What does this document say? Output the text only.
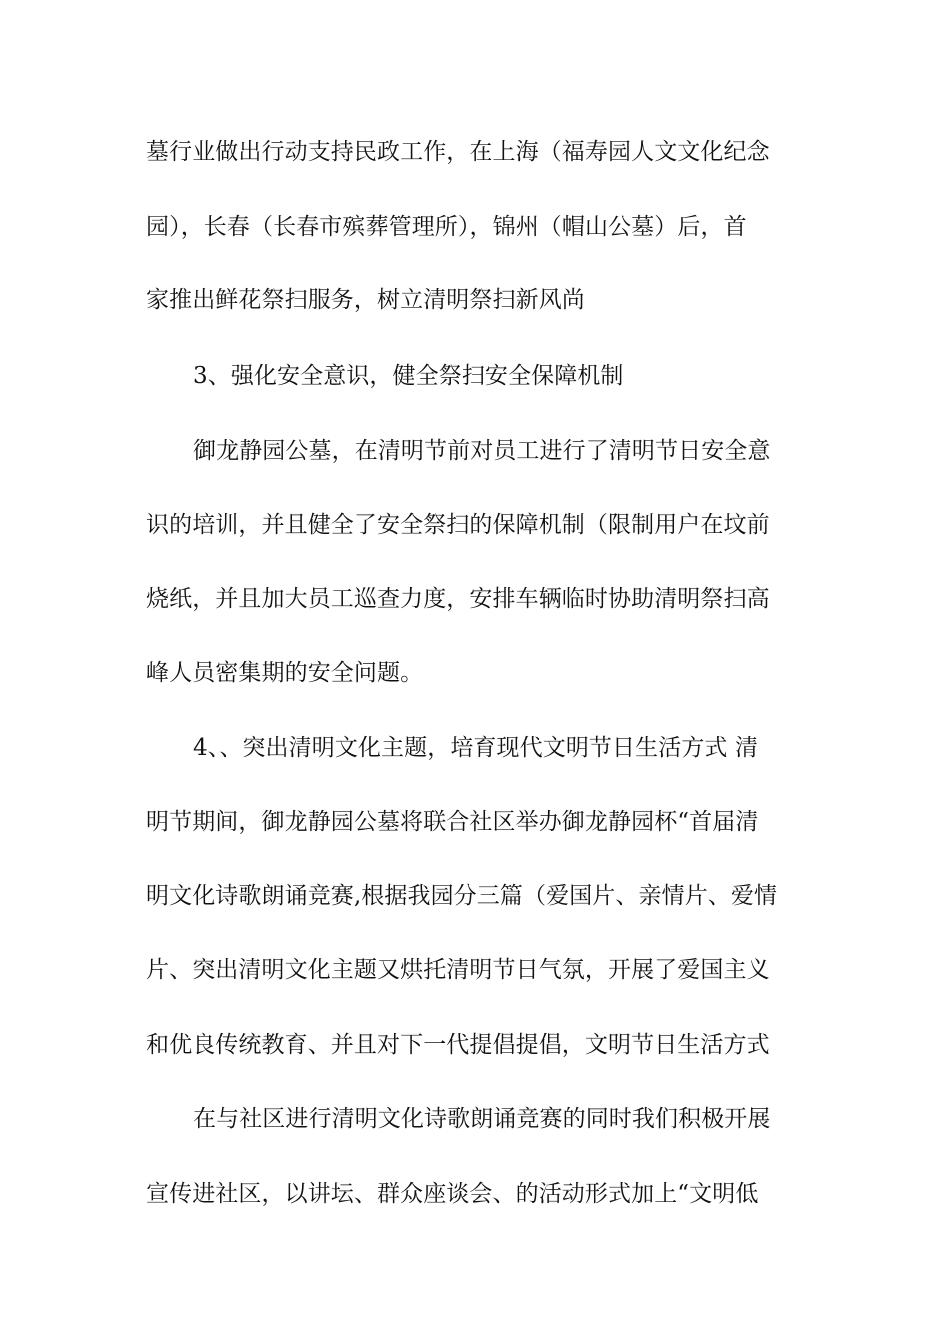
墓行业做出行动支持民政工作，在上海（福寿园人文文化纪念
园），长春（长春市殡葬管理所），锦州（帽山公墓）后，首
家推出鲜花祭扫服务，树立清明祭扫新风尚
3、强化安全意识，健全祭扫安全保障机制
御龙静园公墓，在清明节前对员工进行了清明节日安全意
识的培训，并且健全了安全祭扫的保障机制（限制用户在坟前
烧纸，并且加大员工巡查力度，安排车辆临时协助清明祭扫高
峰人员密集期的安全问题。
4、、突出清明文化主题，培育现代文明节日生活方式 清
明节期间，御龙静园公墓将联合社区举办御龙静园杯“首届清
明文化诗歌朗诵竞赛,根据我园分三篇（爱国片、亲情片、爱情
片、突出清明文化主题又烘托清明节日气氛，开展了爱国主义
和优良传统教育、并且对下一代提倡提倡，文明节日生活方式
在与社区进行清明文化诗歌朗诵竞赛的同时我们积极开展
宣传进社区，以讲坛、群众座谈会、的活动形式加上“文明低
